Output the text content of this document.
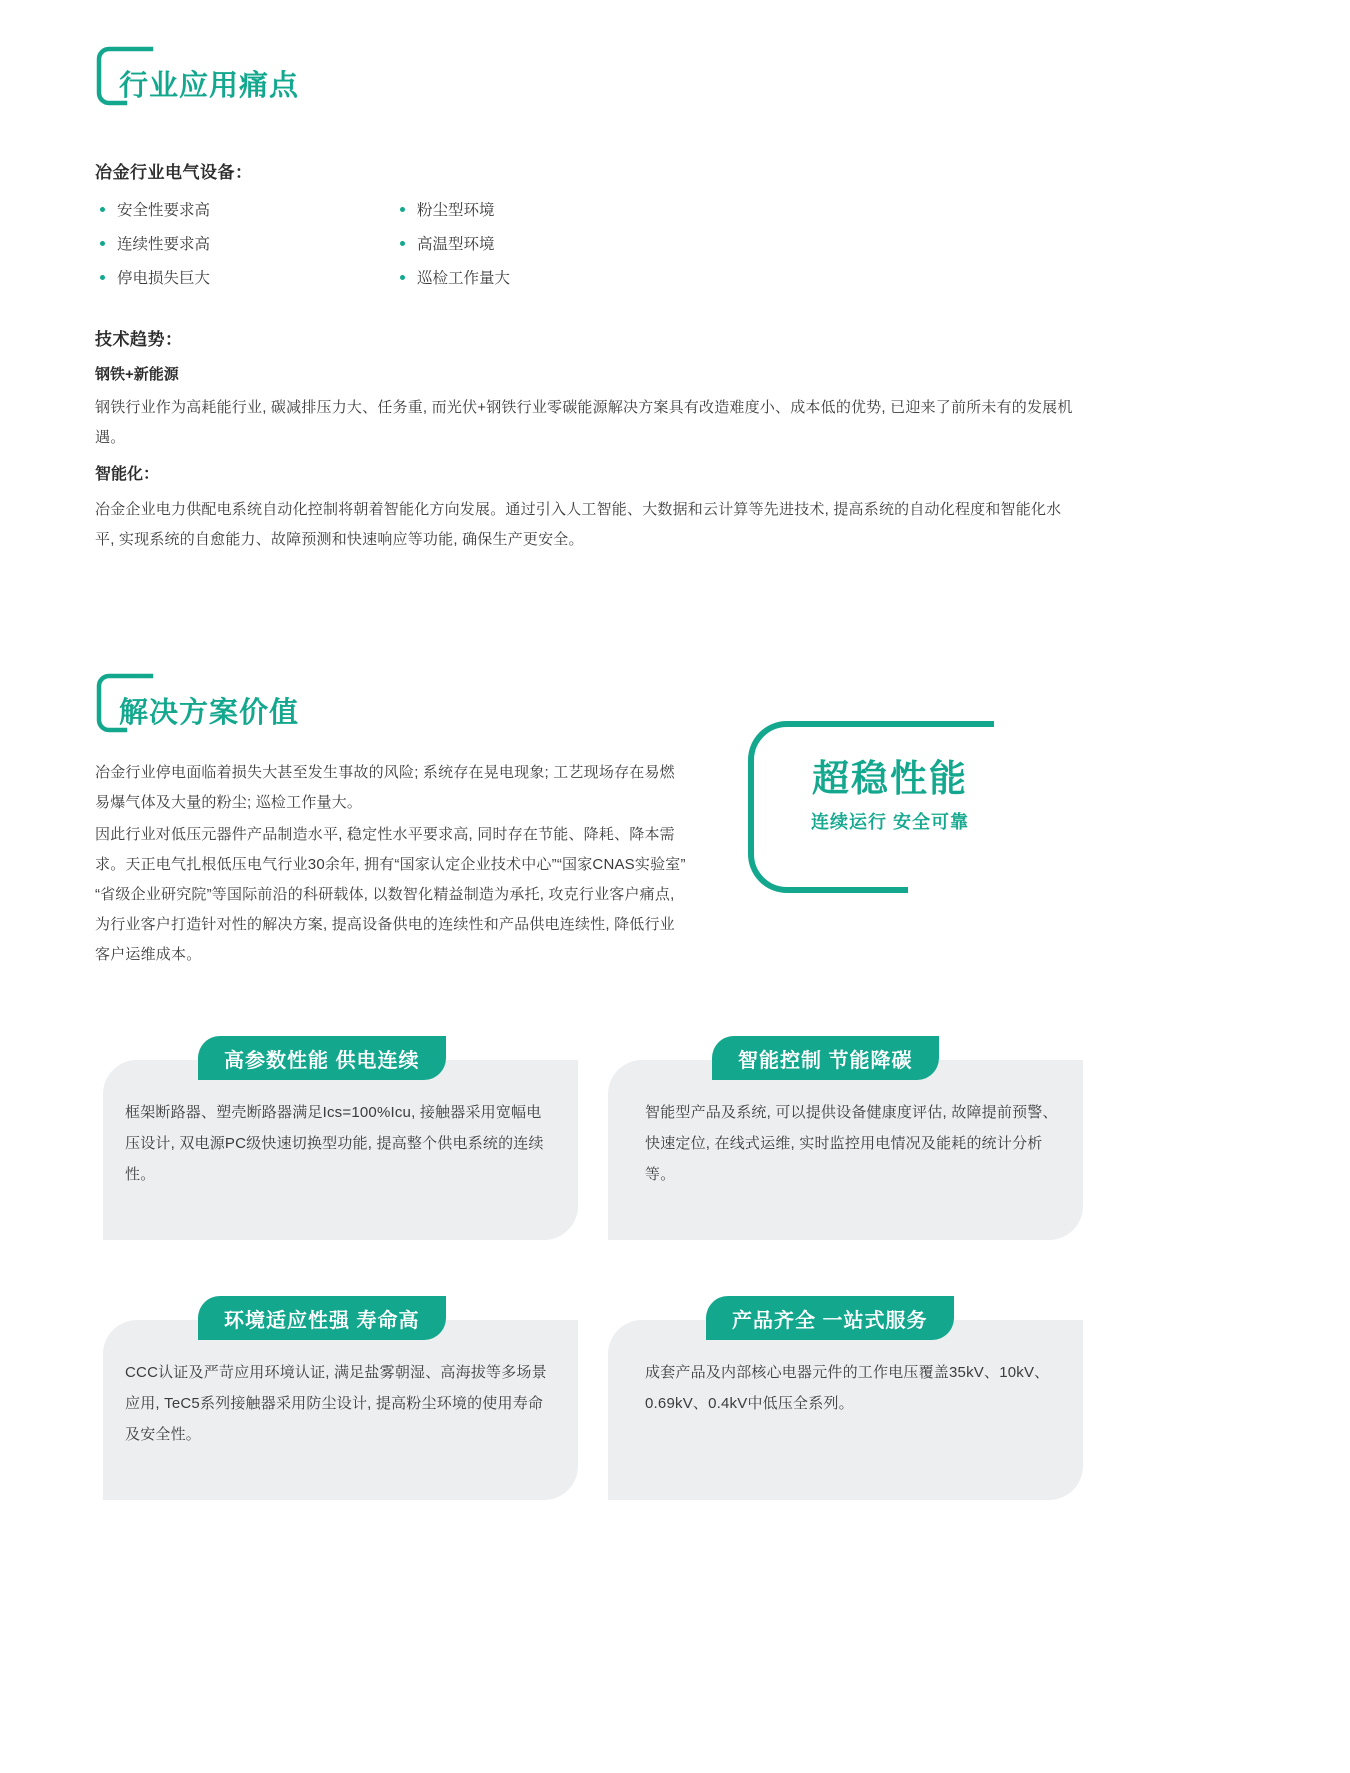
行业应用痛点
冶金行业电气设备：
安全性要求高
连续性要求高
停电损失巨大
粉尘型环境
高温型环境
巡检工作量大
技术趋势：
钢铁+新能源
钢铁行业作为高耗能行业, 碳减排压力大、任务重, 而光伏+钢铁行业零碳能源解决方案具有改造难度小、成本低的优势, 已迎来了前所未有的发展机遇。
智能化：
冶金企业电力供配电系统自动化控制将朝着智能化方向发展。通过引入人工智能、大数据和云计算等先进技术, 提高系统的自动化程度和智能化水平, 实现系统的自愈能力、故障预测和快速响应等功能, 确保生产更安全。
解决方案价值
冶金行业停电面临着损失大甚至发生事故的风险; 系统存在晃电现象; 工艺现场存在易燃易爆气体及大量的粉尘; 巡检工作量大。
因此行业对低压元器件产品制造水平, 稳定性水平要求高, 同时存在节能、降耗、降本需求。天正电气扎根低压电气行业30余年, 拥有“国家认定企业技术中心”“国家CNAS实验室”“省级企业研究院”等国际前沿的科研载体, 以数智化精益制造为承托, 攻克行业客户痛点, 为行业客户打造针对性的解决方案, 提高设备供电的连续性和产品供电连续性, 降低行业客户运维成本。
超稳性能
连续运行 安全可靠
高参数性能 供电连续
框架断路器、塑壳断路器满足Ics=100%Icu, 接触器采用宽幅电压设计, 双电源PC级快速切换型功能, 提高整个供电系统的连续性。
智能控制 节能降碳
智能型产品及系统, 可以提供设备健康度评估, 故障提前预警、快速定位, 在线式运维, 实时监控用电情况及能耗的统计分析等。
环境适应性强 寿命高
CCC认证及严苛应用环境认证, 满足盐雾朝湿、高海拔等多场景应用, TeC5系列接触器采用防尘设计, 提高粉尘环境的使用寿命及安全性。
产品齐全 一站式服务
成套产品及内部核心电器元件的工作电压覆盖35kV、10kV、0.69kV、0.4kV中低压全系列。
